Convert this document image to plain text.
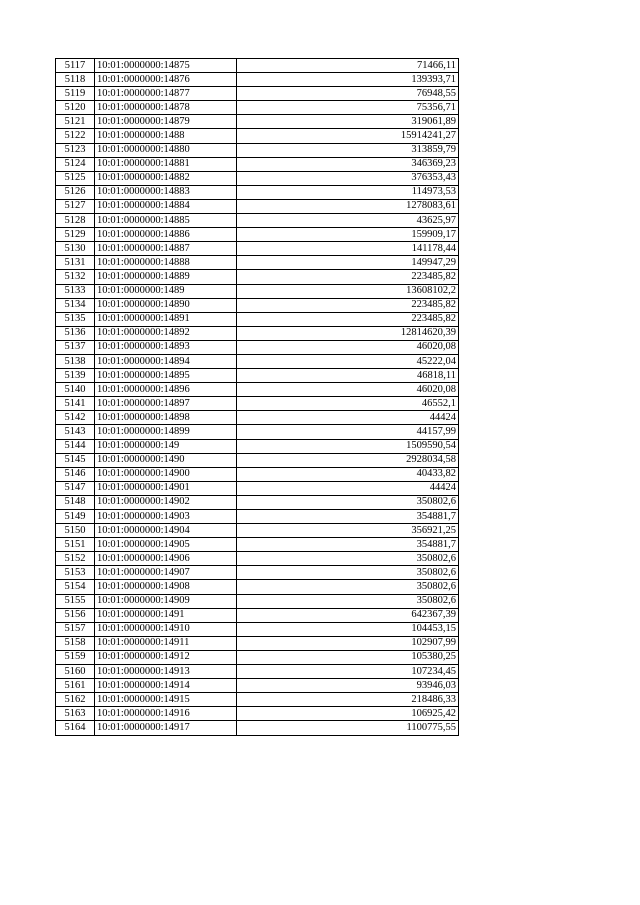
5117	10:01:0000000:14875	71466,11
5118	10:01:0000000:14876	139393,71
5119	10:01:0000000:14877	76948,55
5120	10:01:0000000:14878	75356,71
5121	10:01:0000000:14879	319061,89
5122	10:01:0000000:1488	15914241,27
5123	10:01:0000000:14880	313859,79
5124	10:01:0000000:14881	346369,23
5125	10:01:0000000:14882	376353,43
5126	10:01:0000000:14883	114973,53
5127	10:01:0000000:14884	1278083,61
5128	10:01:0000000:14885	43625,97
5129	10:01:0000000:14886	159909,17
5130	10:01:0000000:14887	141178,44
5131	10:01:0000000:14888	149947,29
5132	10:01:0000000:14889	223485,82
5133	10:01:0000000:1489	13608102,2
5134	10:01:0000000:14890	223485,82
5135	10:01:0000000:14891	223485,82
5136	10:01:0000000:14892	12814620,39
5137	10:01:0000000:14893	46020,08
5138	10:01:0000000:14894	45222,04
5139	10:01:0000000:14895	46818,11
5140	10:01:0000000:14896	46020,08
5141	10:01:0000000:14897	46552,1
5142	10:01:0000000:14898	44424
5143	10:01:0000000:14899	44157,99
5144	10:01:0000000:149	1509590,54
5145	10:01:0000000:1490	2928034,58
5146	10:01:0000000:14900	40433,82
5147	10:01:0000000:14901	44424
5148	10:01:0000000:14902	350802,6
5149	10:01:0000000:14903	354881,7
5150	10:01:0000000:14904	356921,25
5151	10:01:0000000:14905	354881,7
5152	10:01:0000000:14906	350802,6
5153	10:01:0000000:14907	350802,6
5154	10:01:0000000:14908	350802,6
5155	10:01:0000000:14909	350802,6
5156	10:01:0000000:1491	642367,39
5157	10:01:0000000:14910	104453,15
5158	10:01:0000000:14911	102907,99
5159	10:01:0000000:14912	105380,25
5160	10:01:0000000:14913	107234,45
5161	10:01:0000000:14914	93946,03
5162	10:01:0000000:14915	218486,33
5163	10:01:0000000:14916	106925,42
5164	10:01:0000000:14917	1100775,55
